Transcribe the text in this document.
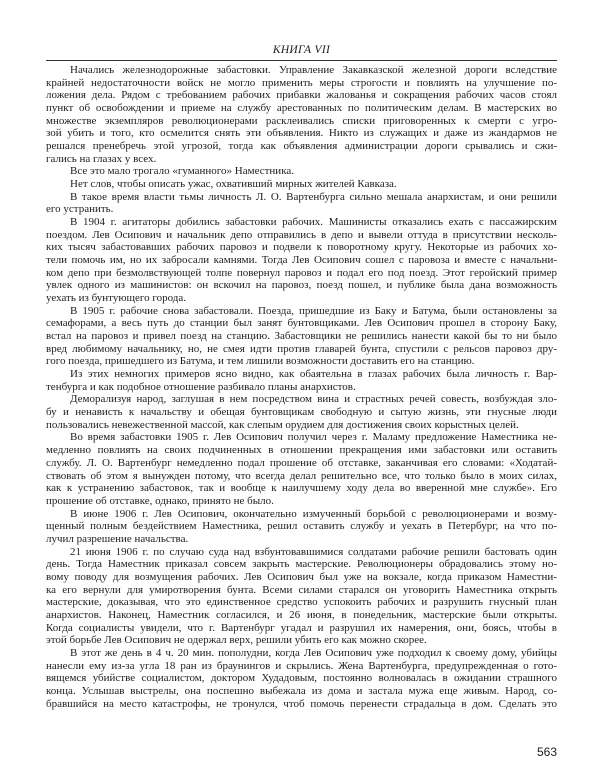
КНИГА VII
Начались железнодорожные забастовки. Управление Закавказской железной дороги вследствие
крайней недостаточности войск не могло применить меры строгости и повлиять на улучшение по-
ложения дела. Рядом с требованием рабочих прибавки жалованья и сокращения рабочих часов стоял
пункт об освобождении и приеме на службу арестованных по политическим делам. В мастерских во
множестве экземпляров революционерами расклеивались списки приговоренных к смерти с угро-
зой убить и того, кто осмелится снять эти объявления. Никто из служащих и даже из жандармов не
решался пренебречь этой угрозой, тогда как объявления администрации дороги срывались и сжи-
гались на глазах у всех.
Все это мало трогало «гуманного» Наместника.
Нет слов, чтобы описать ужас, охвативший мирных жителей Кавказа.
В такое время власти тьмы личность Л. О. Вартенбурга сильно мешала анархистам, и они решили
его устранить.
В 1904 г. агитаторы добились забастовки рабочих. Машинисты отказались ехать с пассажирским
поездом. Лев Осипович и начальник депо отправились в депо и вывели оттуда в присутствии несколь-
ких тысяч забастовавших рабочих паровоз и подвели к поворотному кругу. Некоторые из рабочих хо-
тели помочь им, но их забросали камнями. Тогда Лев Осипович сошел с паровоза и вместе с начальни-
ком депо при безмолвствующей толпе повернул паровоз и подал его под поезд. Этот геройский пример
увлек одного из машинистов: он вскочил на паровоз, поезд пошел, и публике была дана возможность
уехать из бунтующего города.
В 1905 г. рабочие снова забастовали. Поезда, пришедшие из Баку и Батума, были остановлены за
семафорами, а весь путь до станции был занят бунтовщиками. Лев Осипович прошел в сторону Баку,
встал на паровоз и привел поезд на станцию. Забастовщики не решились нанести какой бы то ни было
вред любимому начальнику, но, не смея идти против главарей бунта, спустили с рельсов паровоз дру-
гого поезда, пришедшего из Батума, и тем лишили возможности доставить его на станцию.
Из этих немногих примеров ясно видно, как обаятельна в глазах рабочих была личность г. Вар-
тенбурга и как подобное отношение разбивало планы анархистов.
Деморализуя народ, заглушая в нем посредством вина и страстных речей совесть, возбуждая зло-
бу и ненависть к начальству и обещая бунтовщикам свободную и сытую жизнь, эти гнусные люди
пользовались невежественной массой, как слепым орудием для достижения своих корыстных целей.
Во время забастовки 1905 г. Лев Осипович получил через г. Маламу предложение Наместника не-
медленно повлиять на своих подчиненных в отношении прекращения ими забастовки или оставить
службу. Л. О. Вартенбург немедленно подал прошение об отставке, заканчивая его словами: «Ходатай-
ствовать об этом я вынужден потому, что всегда делал решительно все, что только было в моих силах,
как к устранению забастовок, так и вообще к наилучшему ходу дела во вверенной мне службе». Его
прошение об отставке, однако, принято не было.
В июне 1906 г. Лев Осипович, окончательно измученный борьбой с революционерами и возму-
щенный полным бездействием Наместника, решил оставить службу и уехать в Петербург, на что по-
лучил разрешение начальства.
21 июня 1906 г. по случаю суда над взбунтовавшимися солдатами рабочие решили бастовать один
день. Тогда Наместник приказал совсем закрыть мастерские. Революционеры обрадовались этому но-
вому поводу для возмущения рабочих. Лев Осипович был уже на вокзале, когда приказом Наместни-
ка его вернули для умиротворения бунта. Всеми силами старался он уговорить Наместника открыть
мастерские, доказывая, что это единственное средство успокоить рабочих и разрушить гнусный план
анархистов. Наконец, Наместник согласился, и 26 июня, в понедельник, мастерские были открыты.
Когда социалисты увидели, что г. Вартенбург угадал и разрушил их намерения, они, боясь, чтобы в
этой борьбе Лев Осипович не одержал верх, решили убить его как можно скорее.
В этот же день в 4 ч. 20 мин. пополудни, когда Лев Осипович уже подходил к своему дому, убийцы
нанесли ему из-за угла 18 ран из браунингов и скрылись. Жена Вартенбурга, предупрежденная о гото-
вящемся убийстве социалистом, доктором Худадовым, постоянно волновалась в ожидании страшного
конца. Услышав выстрелы, она поспешно выбежала из дома и застала мужа еще живым. Народ, со-
бравшийся на место катастрофы, не тронулся, чтоб помочь перенести страдальца в дом. Сделать это
563
